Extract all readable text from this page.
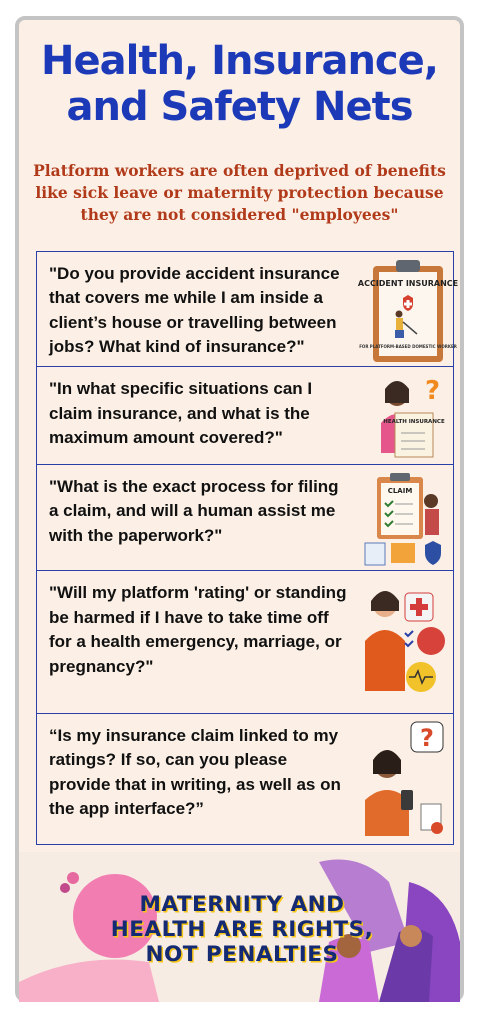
Health, Insurance,
and Safety Nets
Platform workers are often deprived of benefits like sick leave or maternity protection because they are not considered "employees"
"Do you provide accident insurance that covers me while I am inside a client’s house or travelling between jobs? What kind of insurance?"
ACCIDENT INSURANCE
FOR PLATFORM-BASED DOMESTIC WORKER
"In what specific situations can I claim insurance, and what is the maximum amount covered?"
?
HEALTH INSURANCE
"What is the exact process for filing a claim, and will a human assist me with the paperwork?"
CLAIM
"Will my platform 'rating' or standing be harmed if I have to take time off for a health emergency, marriage, or pregnancy?"
“Is my insurance claim linked to my ratings? If so, can you please provide that in writing, as well as on the app interface?”
?
MATERNITY AND
HEALTH ARE RIGHTS,
NOT PENALTIES
